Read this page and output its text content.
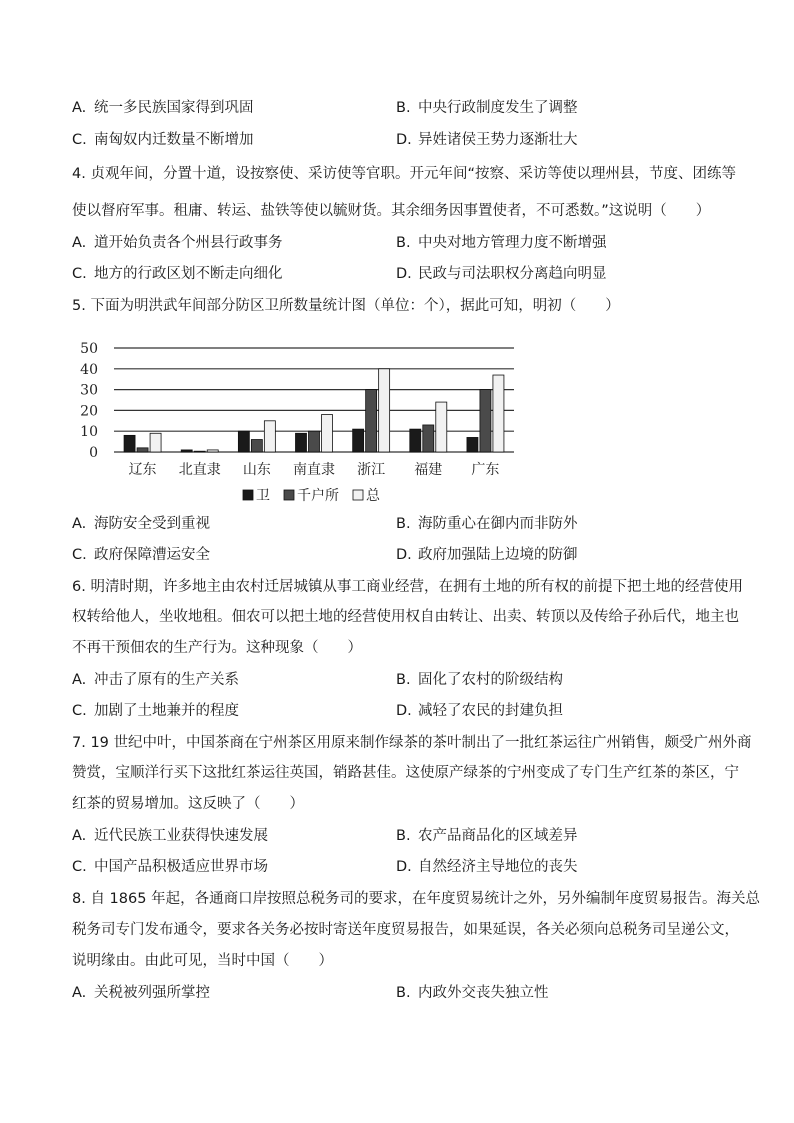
A. 统一多民族国家得到巩固	B. 中央行政制度发生了调整
C. 南匈奴内迁数量不断增加	D. 异姓诸侯王势力逐渐壮大
4. 贞观年间，分置十道，设按察使、采访使等官职。开元年间“按察、采访等使以理州县，节度、团练等
使以督府军事。租庸、转运、盐铁等使以毓财货。其余细务因事置使者，不可悉数。”这说明（　　）
A. 道开始负责各个州县行政事务	B. 中央对地方管理力度不断增强
C. 地方的行政区划不断走向细化	D. 民政与司法职权分离趋向明显
5. 下面为明洪武年间部分防区卫所数量统计图（单位：个），据此可知，明初（　　）
0
10
20
30
40
50
辽东 北直隶 山东 南直隶 浙江 福建 广东
卫 千户所 总
A. 海防安全受到重视	B. 海防重心在御内而非防外
C. 政府保障漕运安全	D. 政府加强陆上边境的防御
6. 明清时期，许多地主由农村迁居城镇从事工商业经营，在拥有土地的所有权的前提下把土地的经营使用
权转给他人，坐收地租。佃农可以把土地的经营使用权自由转让、出卖、转顶以及传给子孙后代，地主也
不再干预佃农的生产行为。这种现象（　　）
A. 冲击了原有的生产关系	B. 固化了农村的阶级结构
C. 加剧了土地兼并的程度	D. 减轻了农民的封建负担
7. 19 世纪中叶，中国茶商在宁州茶区用原来制作绿茶的茶叶制出了一批红茶运往广州销售，颇受广州外商
赞赏，宝顺洋行买下这批红茶运往英国，销路甚佳。这使原产绿茶的宁州变成了专门生产红茶的茶区，宁
红茶的贸易增加。这反映了（　　）
A. 近代民族工业获得快速发展	B. 农产品商品化的区域差异
C. 中国产品积极适应世界市场	D. 自然经济主导地位的丧失
8. 自 1865 年起，各通商口岸按照总税务司的要求，在年度贸易统计之外，另外编制年度贸易报告。海关总
税务司专门发布通令，要求各关务必按时寄送年度贸易报告，如果延误，各关必须向总税务司呈递公文，
说明缘由。由此可见，当时中国（　　）
A. 关税被列强所掌控	B. 内政外交丧失独立性
